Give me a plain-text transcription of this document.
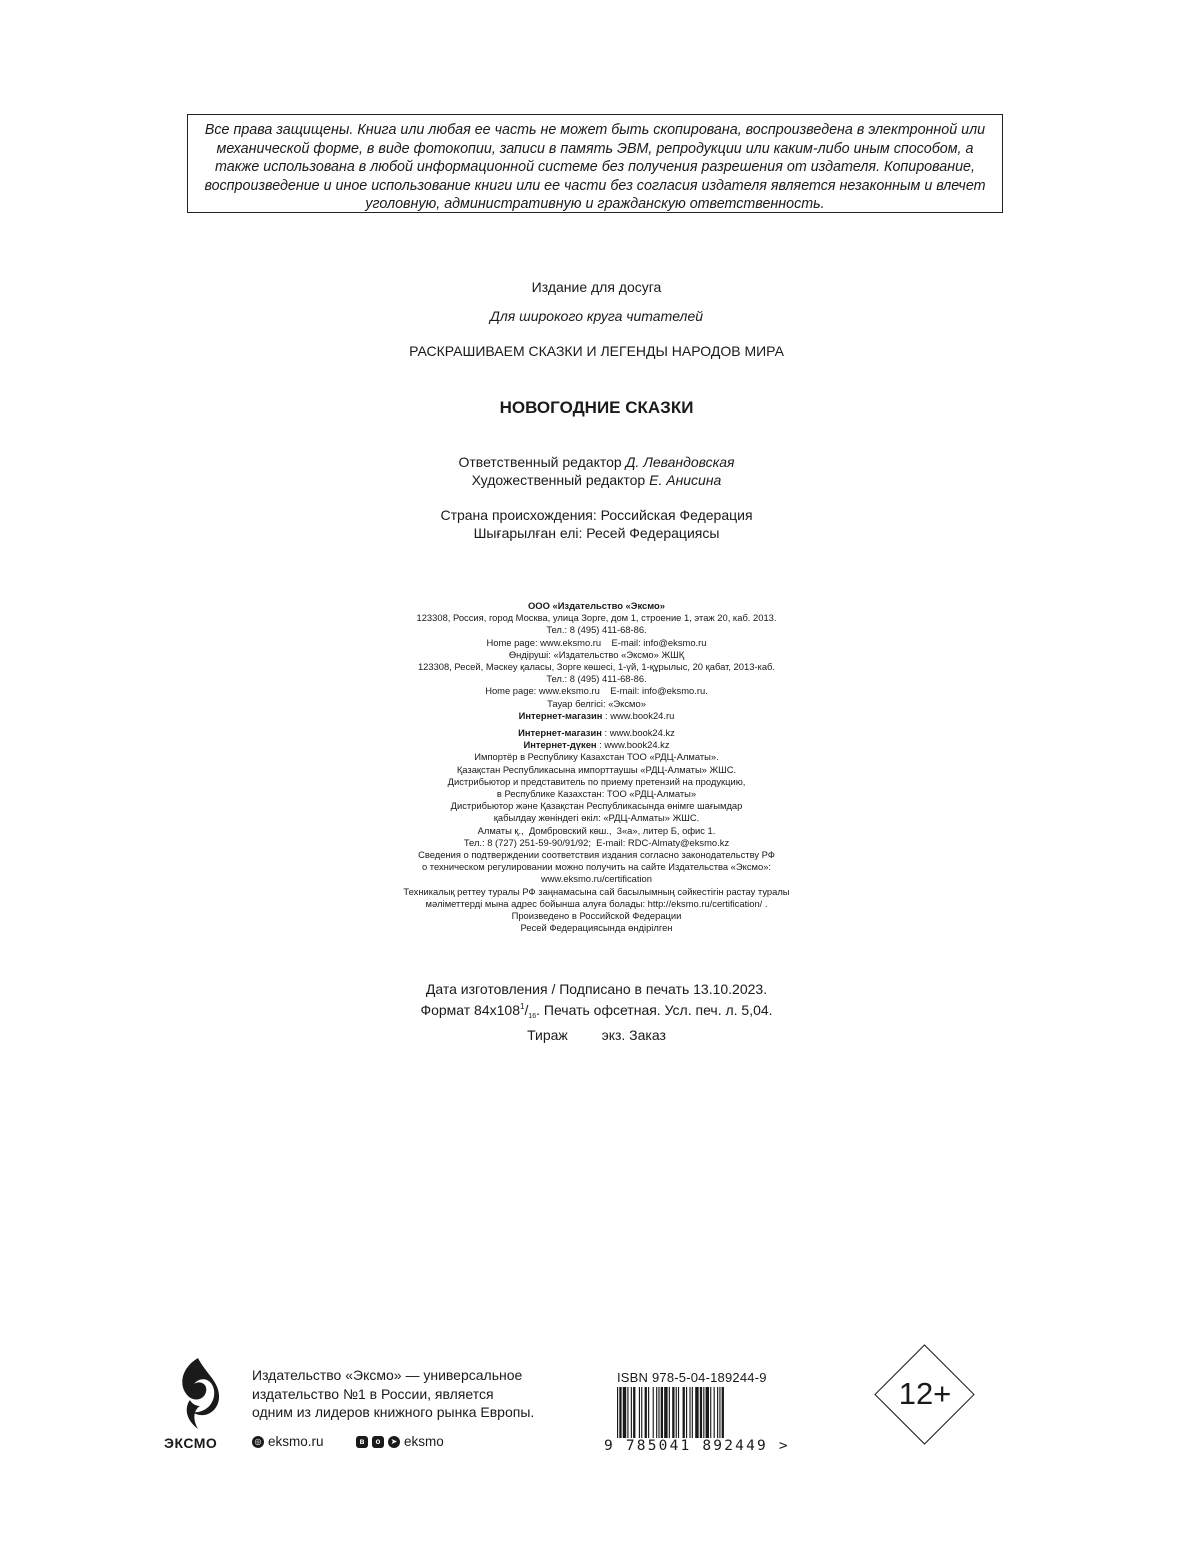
Все права защищены. Книга или любая ее часть не может быть скопирована, воспроизведена в электронной или механической форме, в виде фотокопии, записи в память ЭВМ, репродукции или каким-либо иным способом, а также использована в любой информационной системе без получения разрешения от издателя. Копирование, воспроизведение и иное использование книги или ее части без согласия издателя является незаконным и влечет уголовную, административную и гражданскую ответственность.
Издание для досуга
Для широкого круга читателей
РАСКРАШИВАЕМ СКАЗКИ И ЛЕГЕНДЫ НАРОДОВ МИРА
НОВОГОДНИЕ СКАЗКИ
Ответственный редактор Д. Левандовская
Художественный редактор Е. Анисина
Страна происхождения: Российская Федерация
Шығарылған елі: Ресей Федерациясы
ООО «Издательство «Эксмо»
123308, Россия, город Москва, улица Зорге, дом 1, строение 1, этаж 20, каб. 2013.
Тел.: 8 (495) 411-68-86.
Home page: www.eksmo.ru    E-mail: info@eksmo.ru
Өндіруші: «Издательство «Эксмо» ЖШҚ
123308, Ресей, Мәскеу қаласы, Зорге көшесі, 1-үй, 1-құрылыс, 20 қабат, 2013-каб.
Тел.: 8 (495) 411-68-86.
Home page: www.eksmo.ru    E-mail: info@eksmo.ru.
Тауар белгісі: «Эксмо»
Интернет-магазин : www.book24.ru
Интернет-магазин : www.book24.kz
Интернет-дүкен : www.book24.kz
Импортёр в Республику Казахстан ТОО «РДЦ-Алматы».
Қазақстан Республикасына импорттаушы «РДЦ-Алматы» ЖШС.
Дистрибьютор и представитель по приему претензий на продукцию,
в Республике Казахстан: ТОО «РДЦ-Алматы»
Дистрибьютор және Қазақстан Республикасында өнімге шағымдар
қабылдау жөніндегі өкіл: «РДЦ-Алматы» ЖШС.
Алматы қ.,  Домбровский көш.,  3«а», литер Б, офис 1.
Тел.: 8 (727) 251-59-90/91/92;  E-mail: RDC-Almaty@eksmo.kz
Сведения о подтверждении соответствия издания согласно законодательству РФ
о техническом регулировании можно получить на сайте Издательства «Эксмо»:
www.eksmo.ru/certification
Техникалық реттеу туралы РФ заңнамасына сай басылымның сәйкестігін растау туралы
мәліметтерді мына адрес бойынша алуға болады: http://eksmo.ru/certification/ .
Произведено в Российской Федерации
Ресей Федерациясында өндірілген
Дата изготовления / Подписано в печать 13.10.2023.
Формат $84x108^1/_{16}$. Печать офсетная. Усл. печ. л. 5,04.
Тираж экз. Заказ
ЭКСМО
Издательство «Эксмо» — универсальное
издательство №1 в России, является
одним из лидеров книжного рынка Европы.
◎ eksmo.ru	в	о	➤ eksmo
ISBN 978-5-04-189244-9
9 785041 892449 >
12+
